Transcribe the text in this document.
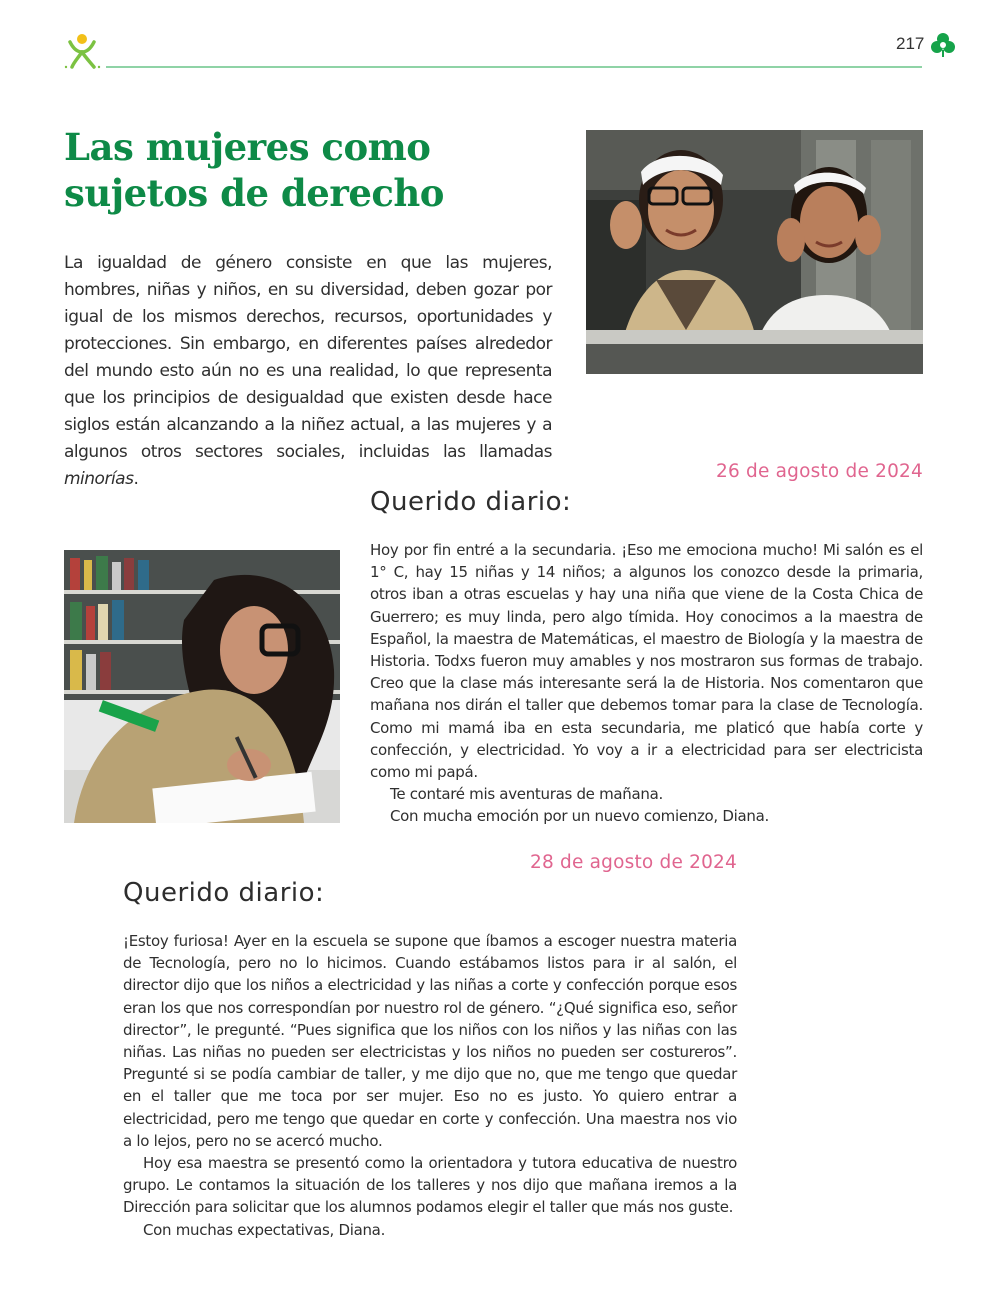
217
Las mujeres como sujetos de derecho

La igualdad de género consiste en que las mujeres, hombres, niñas y niños, en su diversidad, deben gozar por igual de los mismos derechos, recursos, oportunidades y protecciones. Sin embargo, en diferentes países alrededor del mundo esto aún no es una realidad, lo que representa que los principios de desigualdad que existen desde hace siglos están alcanzando a la niñez actual, a las mujeres y a algunos otros sectores sociales, incluidas las llamadas minorías.	26 de agosto de 2024
Querido diario:

Hoy por fin entré a la secundaria. ¡Eso me emociona mucho! Mi salón es el 1° C, hay 15 niñas y 14 niños; a algunos los conozco desde la primaria, otros iban a otras escuelas y hay una niña que viene de la Costa Chica de Guerrero; es muy linda, pero algo tímida. Hoy conocimos a la maestra de Español, la maestra de Matemáticas, el maestro de Biología y la maestra de Historia. Todxs fueron muy amables y nos mostraron sus formas de trabajo. Creo que la clase más interesante será la de Historia. Nos comentaron que mañana nos dirán el taller que debemos tomar para la clase de Tecnología. Como mi mamá iba en esta secundaria, me platicó que había corte y confección, y electricidad. Yo voy a ir a electricidad para ser electricista como mi papá.

Te contaré mis aventuras de mañana.

Con mucha emoción por un nuevo comienzo, Diana.

28 de agosto de 2024
Querido diario:

¡Estoy furiosa! Ayer en la escuela se supone que íbamos a escoger nuestra materia de Tecnología, pero no lo hicimos. Cuando estábamos listos para ir al salón, el director dijo que los niños a electricidad y las niñas a corte y confección porque esos eran los que nos correspondían por nuestro rol de género. “¿Qué significa eso, señor director”, le pregunté. “Pues significa que los niños con los niños y las niñas con las niñas. Las niñas no pueden ser electricistas y los niños no pueden ser costureros”. Pregunté si se podía cambiar de taller, y me dijo que no, que me tengo que quedar en el taller que me toca por ser mujer. Eso no es justo. Yo quiero entrar a electricidad, pero me tengo que quedar en corte y confección. Una maestra nos vio a lo lejos, pero no se acercó mucho.

Hoy esa maestra se presentó como la orientadora y tutora educativa de nuestro grupo. Le contamos la situación de los talleres y nos dijo que mañana iremos a la Dirección para solicitar que los alumnos podamos elegir el taller que más nos guste.

Con muchas expectativas, Diana.
